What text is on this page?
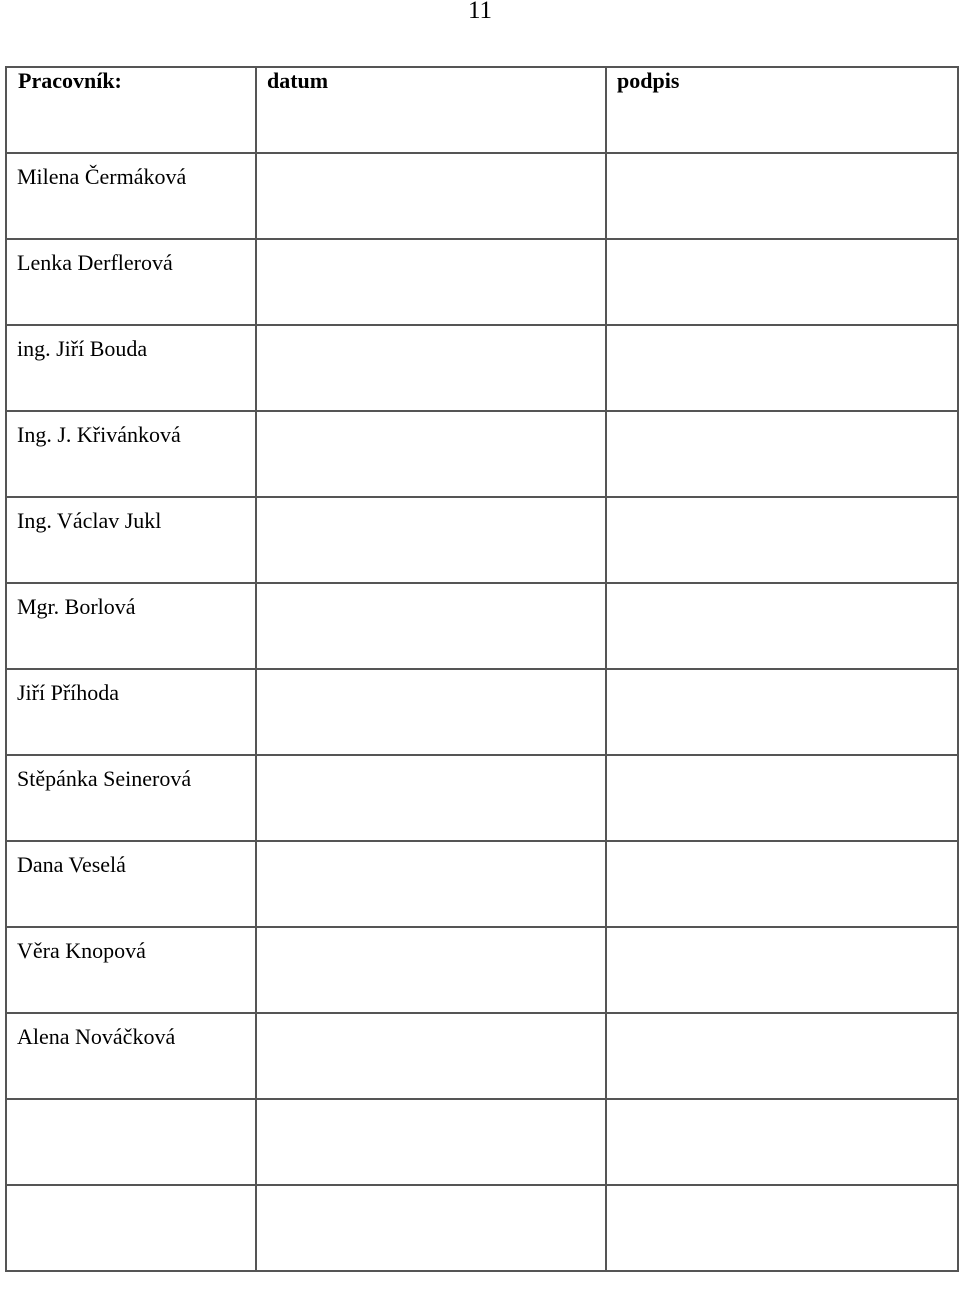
11
Pracovník:	datum	podpis

Milena Čermáková		

Lenka Derflerová		

ing. Jiří Bouda		

Ing. J. Křivánková		

Ing. Václav Jukl		

Mgr. Borlová		

Jiří Příhoda		

Stěpánka Seinerová		

Dana Veselá		

Věra Knopová		

Alena Nováčková		
